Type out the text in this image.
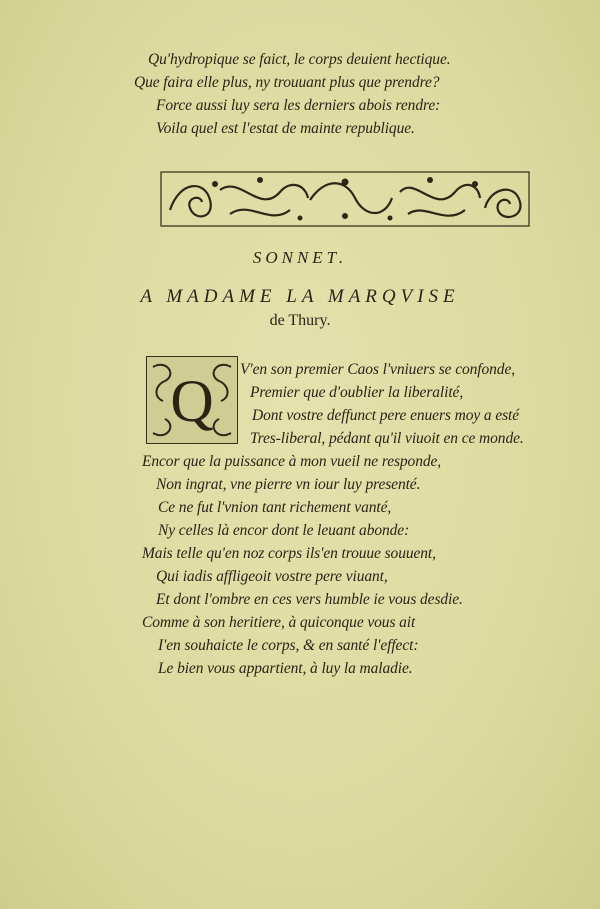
Qu'hydropique se faict, le corps deuient hectique.
Que faira elle plus, ny trouuant plus que prendre?
Force aussi luy sera les derniers abois rendre:
Voila quel est l'estat de mainte republique.
SONNET.
A MADAME LA MARQVISE
de Thury.
Q V'en son premier Caos l'vniuers se confonde,
Premier que d'oublier la liberalité,
Dont vostre deffunct pere enuers moy a esté
Tres-liberal, pédant qu'il viuoit en ce monde.
Encor que la puissance à mon vueil ne responde,
Non ingrat, vne pierre vn iour luy presenté.
Ce ne fut l'vnion tant richement vanté,
Ny celles là encor dont le leuant abonde:
Mais telle qu'en noz corps ils'en trouue souuent,
Qui iadis affligeoit vostre pere viuant,
Et dont l'ombre en ces vers humble ie vous desdie.
Comme à son heritiere, à quiconque vous ait
I'en souhaicte le corps, & en santé l'effect:
Le bien vous appartient, à luy la maladie.
